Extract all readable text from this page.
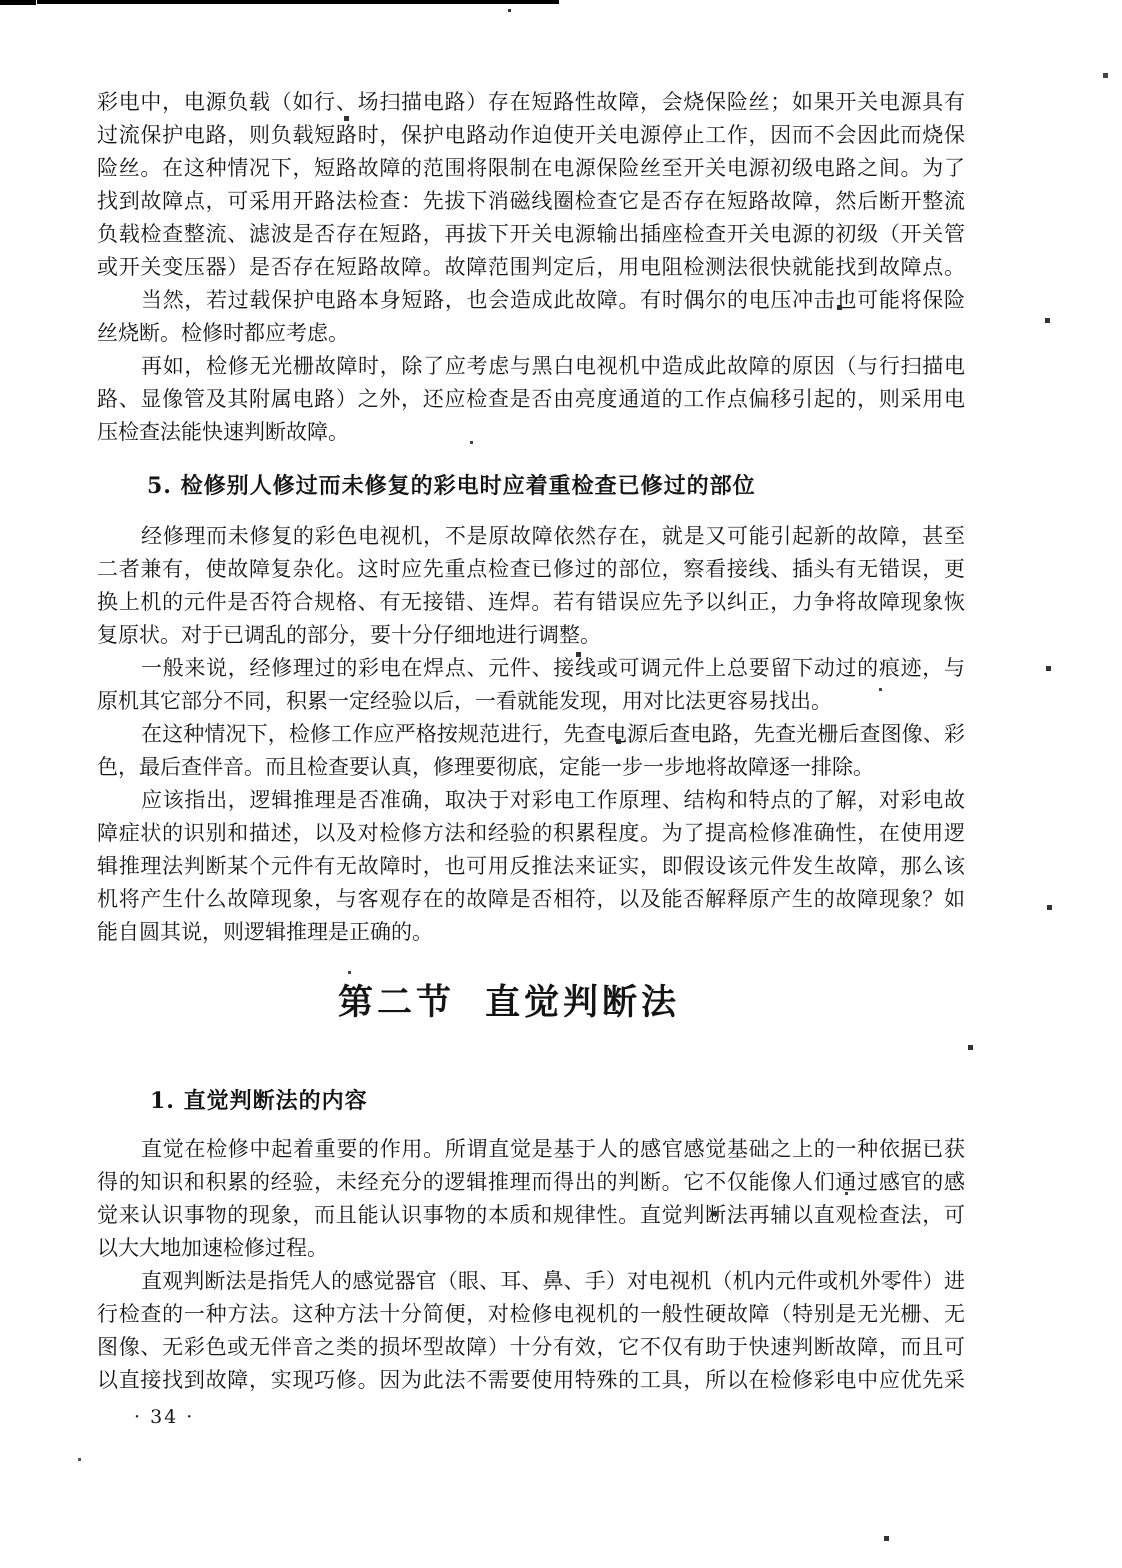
彩电中，电源负载（如行、场扫描电路）存在短路性故障，会烧保险丝；如果开关电源具有
过流保护电路，则负载短路时，保护电路动作迫使开关电源停止工作，因而不会因此而烧保
险丝。在这种情况下，短路故障的范围将限制在电源保险丝至开关电源初级电路之间。为了
找到故障点，可采用开路法检查：先拔下消磁线圈检查它是否存在短路故障，然后断开整流
负载检查整流、滤波是否存在短路，再拔下开关电源输出插座检查开关电源的初级（开关管
或开关变压器）是否存在短路故障。故障范围判定后，用电阻检测法很快就能找到故障点。
当然，若过载保护电路本身短路，也会造成此故障。有时偶尔的电压冲击也可能将保险
丝烧断。检修时都应考虑。
再如，检修无光栅故障时，除了应考虑与黑白电视机中造成此故障的原因（与行扫描电
路、显像管及其附属电路）之外，还应检查是否由亮度通道的工作点偏移引起的，则采用电
压检查法能快速判断故障。
5. 检修别人修过而未修复的彩电时应着重检查已修过的部位
经修理而未修复的彩色电视机，不是原故障依然存在，就是又可能引起新的故障，甚至
二者兼有，使故障复杂化。这时应先重点检查已修过的部位，察看接线、插头有无错误，更
换上机的元件是否符合规格、有无接错、连焊。若有错误应先予以纠正，力争将故障现象恢
复原状。对于已调乱的部分，要十分仔细地进行调整。
一般来说，经修理过的彩电在焊点、元件、接线或可调元件上总要留下动过的痕迹，与
原机其它部分不同，积累一定经验以后，一看就能发现，用对比法更容易找出。
在这种情况下，检修工作应严格按规范进行，先查电源后查电路，先查光栅后查图像、彩
色，最后查伴音。而且检查要认真，修理要彻底，定能一步一步地将故障逐一排除。
应该指出，逻辑推理是否准确，取决于对彩电工作原理、结构和特点的了解，对彩电故
障症状的识别和描述，以及对检修方法和经验的积累程度。为了提高检修准确性，在使用逻
辑推理法判断某个元件有无故障时，也可用反推法来证实，即假设该元件发生故障，那么该
机将产生什么故障现象，与客观存在的故障是否相符，以及能否解释原产生的故障现象？如
能自圆其说，则逻辑推理是正确的。
第二节 直觉判断法
1. 直觉判断法的内容
直觉在检修中起着重要的作用。所谓直觉是基于人的感官感觉基础之上的一种依据已获
得的知识和积累的经验，未经充分的逻辑推理而得出的判断。它不仅能像人们通过感官的感
觉来认识事物的现象，而且能认识事物的本质和规律性。直觉判断法再辅以直观检查法，可
以大大地加速检修过程。
直观判断法是指凭人的感觉器官（眼、耳、鼻、手）对电视机（机内元件或机外零件）进
行检查的一种方法。这种方法十分简便，对检修电视机的一般性硬故障（特别是无光栅、无
图像、无彩色或无伴音之类的损坏型故障）十分有效，它不仅有助于快速判断故障，而且可
以直接找到故障，实现巧修。因为此法不需要使用特殊的工具，所以在检修彩电中应优先采
· 34 ·
